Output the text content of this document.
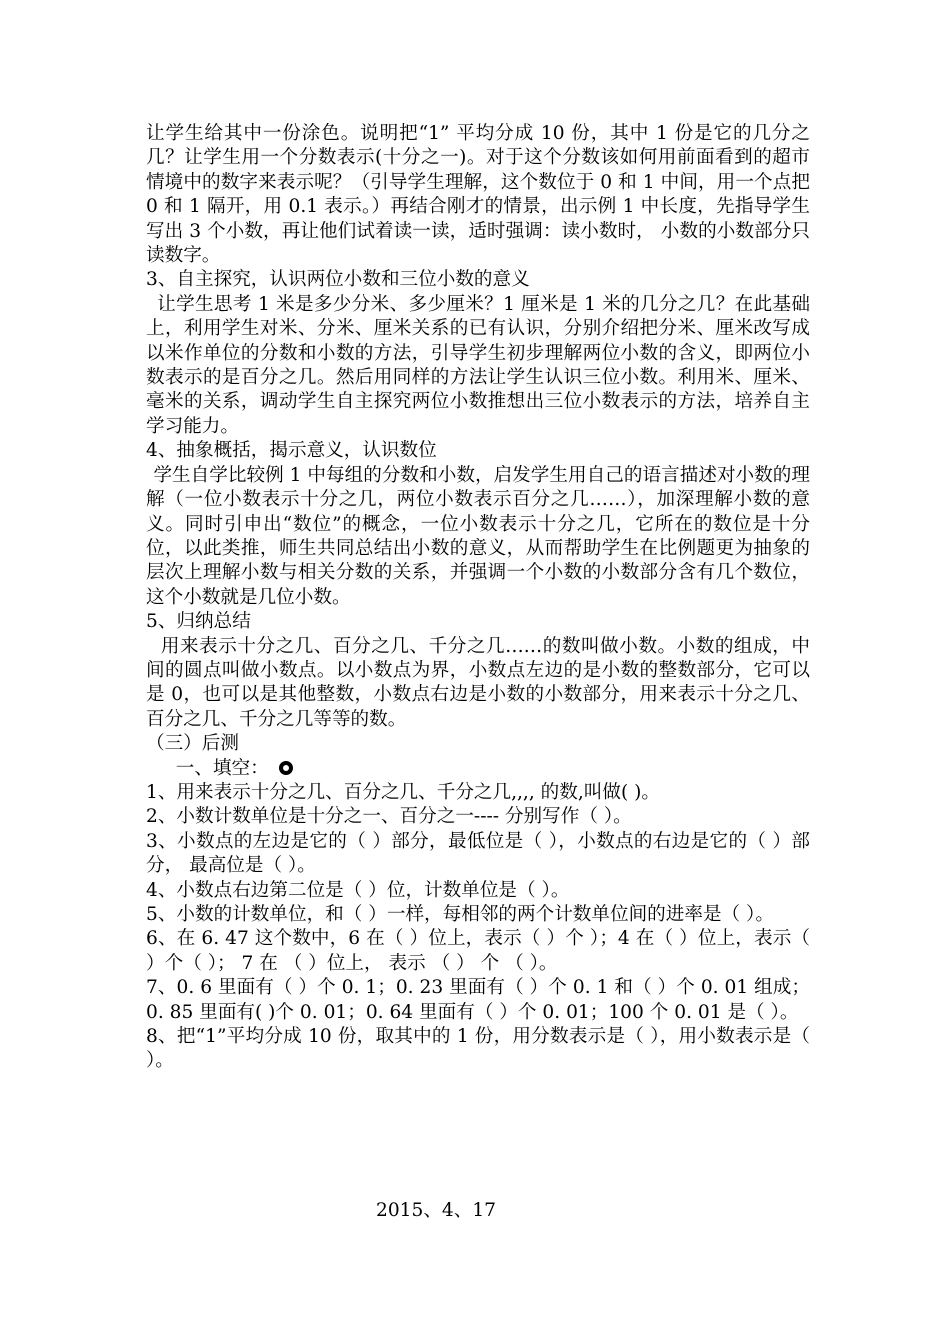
让学生给其中一份涂色。说明把“1” 平均分成 10 份，其中 1 份是它的几分之几？让学生用一个分数表示(十分之一)。对于这个分数该如何用前面看到的超市情境中的数字来表示呢？（引导学生理解，这个数位于 0 和 1 中间，用一个点把 0 和 1 隔开，用 0.1 表示。）再结合刚才的情景，出示例 1 中长度，先指导学生写出 3 个小数，再让他们试着读一读，适时强调：读小数时， 小数的小数部分只读数字。

3、自主探究，认识两位小数和三位小数的意义

让学生思考 1 米是多少分米、多少厘米？1 厘米是 1 米的几分之几？在此基础上，利用学生对米、分米、厘米关系的已有认识，分别介绍把分米、厘米改写成以米作单位的分数和小数的方法，引导学生初步理解两位小数的含义，即两位小数表示的是百分之几。然后用同样的方法让学生认识三位小数。利用米、厘米、毫米的关系，调动学生自主探究两位小数推想出三位小数表示的方法，培养自主学习能力。

4、抽象概括，揭示意义，认识数位

学生自学比较例 1 中每组的分数和小数，启发学生用自己的语言描述对小数的理解（一位小数表示十分之几，两位小数表示百分之几……），加深理解小数的意义。同时引申出“数位”的概念，一位小数表示十分之几，它所在的数位是十分位，以此类推，师生共同总结出小数的意义，从而帮助学生在比例题更为抽象的层次上理解小数与相关分数的关系，并强调一个小数的小数部分含有几个数位，这个小数就是几位小数。

5、归纳总结

用来表示十分之几、百分之几、千分之几……的数叫做小数。小数的组成，中间的圆点叫做小数点。以小数点为界，小数点左边的是小数的整数部分，它可以是 0，也可以是其他整数，小数点右边是小数的小数部分，用来表示十分之几、百分之几、千分之几等等的数。

（三）后测

一、填空：

1、用来表示十分之几、百分之几、千分之几,,,, 的数,叫做( )。

2、小数计数单位是十分之一、百分之一---- 分别写作（ ）。

3、小数点的左边是它的（ ）部分，最低位是（ ），小数点的右边是它的（ ）部分， 最高位是（ ）。

4、小数点右边第二位是（ ）位，计数单位是（ ）。

5、小数的计数单位，和（ ）一样，每相邻的两个计数单位间的进率是（ ）。

6、在 6. 47 这个数中，6 在（ ）位上，表示（ ）个 ）；4 在（ ）位上，表示（ ）个（ ）； 7 在 （ ）位上， 表示 （ ） 个 （ ）。

7、0. 6 里面有（ ）个 0. 1；0. 23 里面有（ ）个 0. 1 和（ ）个 0. 01 组成；0. 85 里面有( )个 0. 01；0. 64 里面有（ ）个 0. 01；100 个 0. 01 是（ ）。

8、把“1”平均分成 10 份，取其中的 1 份，用分数表示是（ ），用小数表示是（ ）。

2015、4、17
